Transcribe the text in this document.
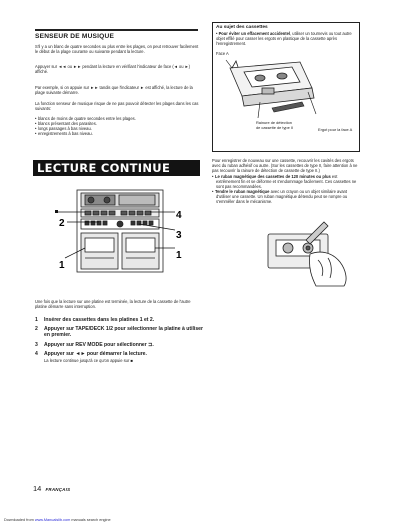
SENSEUR DE MUSIQUE

S'il y a un blanc de quatre secondes ou plus entre les plages, on peut retrouver facilement le début de la plage courante ou suivante pendant la lecture.

Appuyer sur ◄◄ ou ►► pendant la lecture en vérifiant l'indicateur de face (◄ ou ►) affiché.

Par exemple, si on appuie sur ►► tandis que l'indicateur ► est affiché, la lecture de la plage suivante démarre.

La fonction senseur de musique risque de ne pas pouvoir détecter les plages dans les cas suivants:

• blancs de moins de quatre secondes entre les plages.
• blancs présentant des parasites.
• longs passages à bas niveau.
• enregistrements à bas niveau.
LECTURE CONTINUE
2
4
3
1
1

Une fois que la lecture sur une platine est terminée, la lecture de la cassette de l'autre platine démarre sans interruption.

1	Insérer des cassettes dans les platines 1 et 2.
2	Appuyer sur TAPE/DECK 1/2 pour sélectionner la platine à utiliser en premier.
3	Appuyer sur REV MODE pour sélectionner ⊐.
4	Appuyer sur ◄► pour démarrer la lecture.
La lecture continue jusqu'à ce qu'on appuie sur ■
Au sujet des cassettes

• Pour éviter un effacement accidentel, utiliser un tournevis ou tout autre objet effilé pour casser les ergots en plastique de la cassette après l'enregistrement.

Face A
Rainure de détection de cassette de type II	Ergot pour la face A
Pour enregistrer de nouveau sur une cassette, recouvrir les cavités des ergots avec du ruban adhésif ou autre. (Sur les cassettes de type II, faire attention à ne pas recouvrir la rainure de détection de cassette de type II.)
• Le ruban magnétique des cassettes de 120 minutes ou plus est extrêmement fin et se déforme et s'endommage facilement. Ces cassettes ne sont pas recommandées.
• Tendre le ruban magnétique avec un crayon ou un objet similaire avant d'utiliser une cassette. Un ruban magnétique détendu peut se rompre ou s'emmêler dans le mécanisme.
14 FRANÇAIS
Downloaded from www.Manualslib.com manuals search engine
